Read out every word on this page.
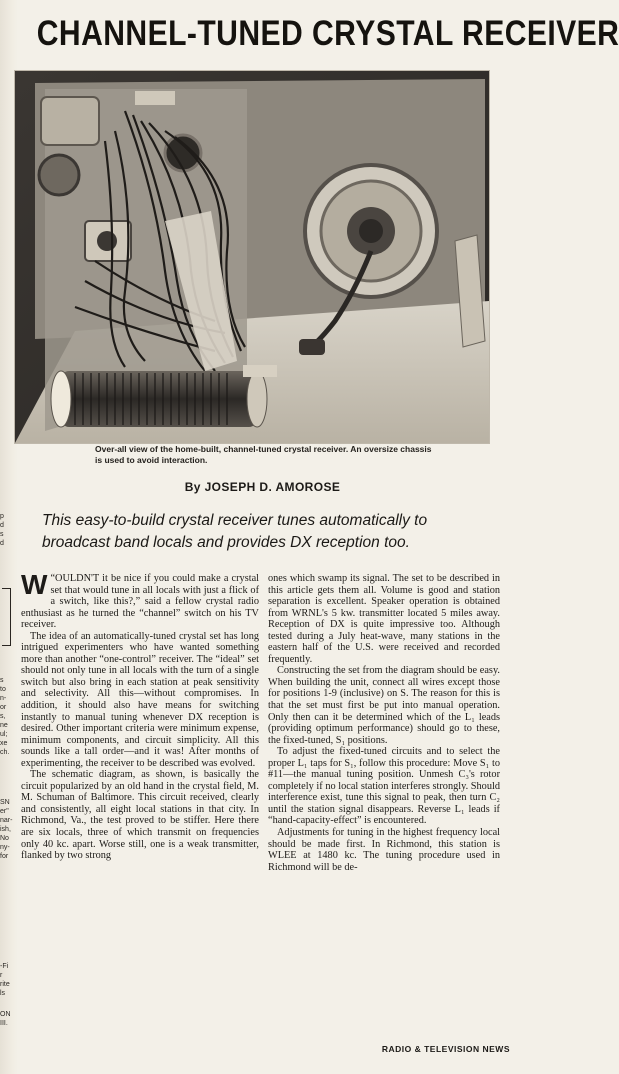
s
to
n-
or
s,
ne
ul;
xe
ch.
SN
er"
nar-
ish,
No
ny-
for
-Fi
r
rite
ls
ON
III.
p
d
s
d
CHANNEL-TUNED CRYSTAL RECEIVER
Over-all view of the home-built, channel-tuned crystal receiver. An oversize chassis is used to avoid interaction.
By JOSEPH D. AMOROSE
This easy-to-build crystal receiver tunes automatically to broadcast band locals and provides DX reception too.

W “OULDN'T it be nice if you could make a crystal set that would tune in all locals with just a flick of a switch, like this?,” said a fellow crystal radio enthusiast as he turned the “channel” switch on his TV receiver.

The idea of an automatically-tuned crystal set has long intrigued experimenters who have wanted something more than another “one-control” receiver. The “ideal” set should not only tune in all locals with the turn of a single switch but also bring in each station at peak sensitivity and selectivity. All this—without compromises. In addition, it should also have means for switching instantly to manual tuning whenever DX reception is desired. Other important criteria were minimum expense, minimum components, and circuit simplicity. All this sounds like a tall order—and it was! After months of experimenting, the receiver to be described was evolved.

The schematic diagram, as shown, is basically the circuit popularized by an old hand in the crystal field, M. M. Schuman of Baltimore. This circuit received, clearly and consistently, all eight local stations in that city. In Richmond, Va., the test proved to be stiffer. Here there are six locals, three of which transmit on frequencies only 40 kc. apart. Worse still, one is a weak transmitter, flanked by two strong

ones which swamp its signal. The set to be described in this article gets them all. Volume is good and station separation is excellent. Speaker operation is obtained from WRNL's 5 kw. transmitter located 5 miles away. Reception of DX is quite impressive too. Although tested during a July heat-wave, many stations in the eastern half of the U.S. were received and recorded frequently.

Constructing the set from the diagram should be easy. When building the unit, connect all wires except those for positions 1-9 (inclusive) on S. The reason for this is that the set must first be put into manual operation. Only then can it be determined which of the L₁ leads (providing optimum performance) should go to these, the fixed-tuned, S₁ positions.

To adjust the fixed-tuned circuits and to select the proper L₁ taps for S₁, follow this procedure: Move S₁ to #11—the manual tuning position. Unmesh C₃'s rotor completely if no local station interferes strongly. Should interference exist, tune this signal to peak, then turn C₂ until the station signal disappears. Reverse L₁ leads if “hand-capacity-effect” is encountered.

Adjustments for tuning in the highest frequency local should be made first. In Richmond, this station is WLEE at 1480 kc. The tuning procedure used in Richmond will be de-

RADIO & TELEVISION NEWS
